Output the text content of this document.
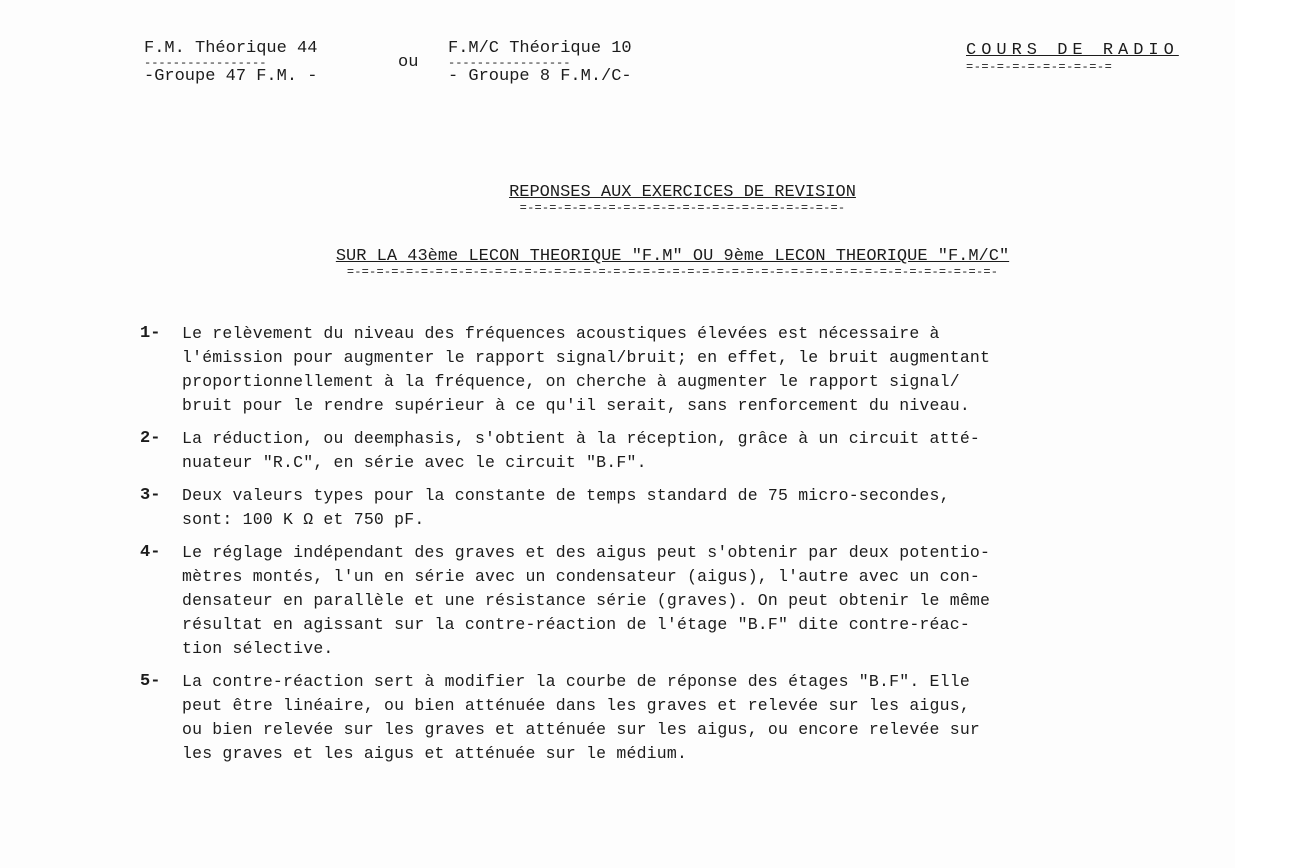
F.M. Théorique 44
-----------------
-Groupe 47 F.M. -
ou
F.M/C Théorique 10
-----------------
- Groupe 8 F.M./C-
COURS DE RADIO
=-=-=-=-=-=-=-=-=-=
REPONSES AUX EXERCICES DE REVISION
=-=-=-=-=-=-=-=-=-=-=-=-=-=-=-=-=-=-=-=-=-=-
SUR LA 43ème LECON THEORIQUE "F.M" OU 9ème LECON THEORIQUE "F.M/C"
=-=-=-=-=-=-=-=-=-=-=-=-=-=-=-=-=-=-=-=-=-=-=-=-=-=-=-=-=-=-=-=-=-=-=-=-=-=-=-=-=-=-=-=-
1-	Le relèvement du niveau des fréquences acoustiques élevées est nécessaire à
l'émission pour augmenter le rapport signal/bruit; en effet, le bruit augmentant
proportionnellement à la fréquence, on cherche à augmenter le rapport signal/
bruit pour le rendre supérieur à ce qu'il serait, sans renforcement du niveau.
2-	La réduction, ou deemphasis, s'obtient à la réception, grâce à un circuit atté-
nuateur "R.C", en série avec le circuit "B.F".
3-	Deux valeurs types pour la constante de temps standard de 75 micro-secondes,
sont: 100 K Ω et 750 pF.
4-	Le réglage indépendant des graves et des aigus peut s'obtenir par deux potentio-
mètres montés, l'un en série avec un condensateur (aigus), l'autre avec un con-
densateur en parallèle et une résistance série (graves). On peut obtenir le même
résultat en agissant sur la contre-réaction de l'étage "B.F" dite contre-réac-
tion sélective.
5-	La contre-réaction sert à modifier la courbe de réponse des étages "B.F". Elle
peut être linéaire, ou bien atténuée dans les graves et relevée sur les aigus,
ou bien relevée sur les graves et atténuée sur les aigus, ou encore relevée sur
les graves et les aigus et atténuée sur le médium.
